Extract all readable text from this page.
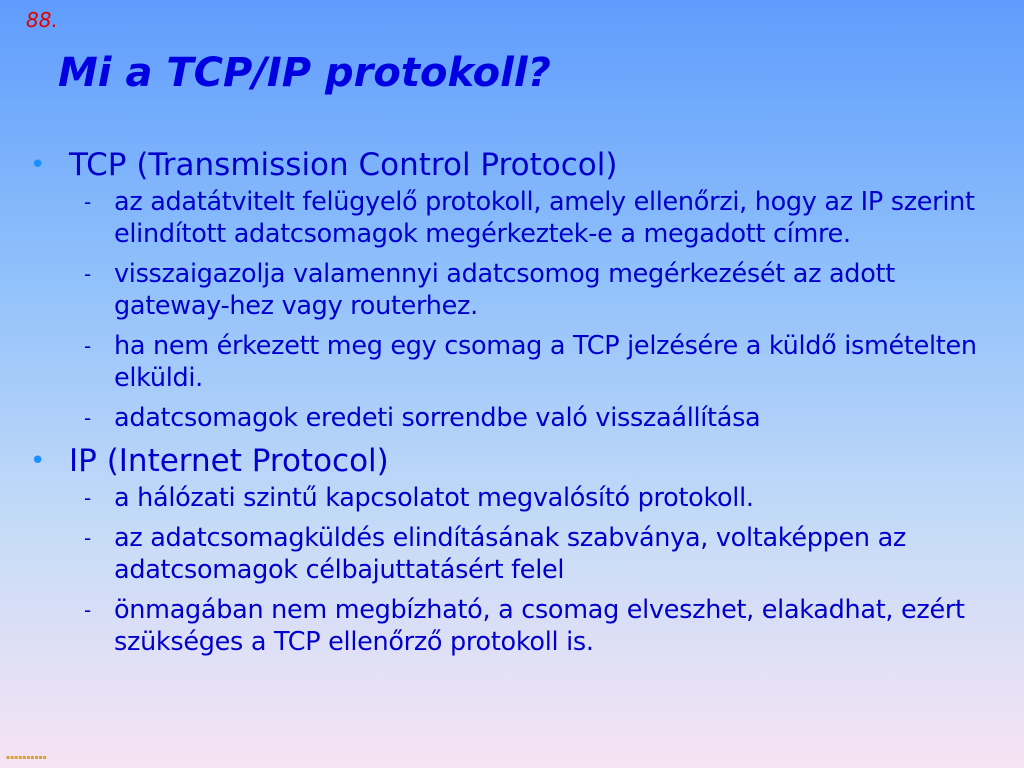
88.
Mi a TCP/IP protokoll?
• TCP (Transmission Control Protocol)
- az adatátvitelt felügyelő protokoll, amely ellenőrzi, hogy az IP szerint elindított adatcsomagok megérkeztek-e a megadott címre.
- visszaigazolja valamennyi adatcsomog megérkezését az adott gateway-hez vagy routerhez.
- ha nem érkezett meg egy csomag a TCP jelzésére a küldő ismételten elküldi.
- adatcsomagok eredeti sorrendbe való visszaállítása
• IP (Internet Protocol)
- a hálózati szintű kapcsolatot megvalósító protokoll.
- az adatcsomagküldés elindításának szabványa, voltaképpen az adatcsomagok célbajuttatásért felel
- önmagában nem megbízható, a csomag elveszhet, elakadhat, ezért szükséges a TCP ellenőrző protokoll is.
▪▪▪▪▪▪▪▪▪▪
